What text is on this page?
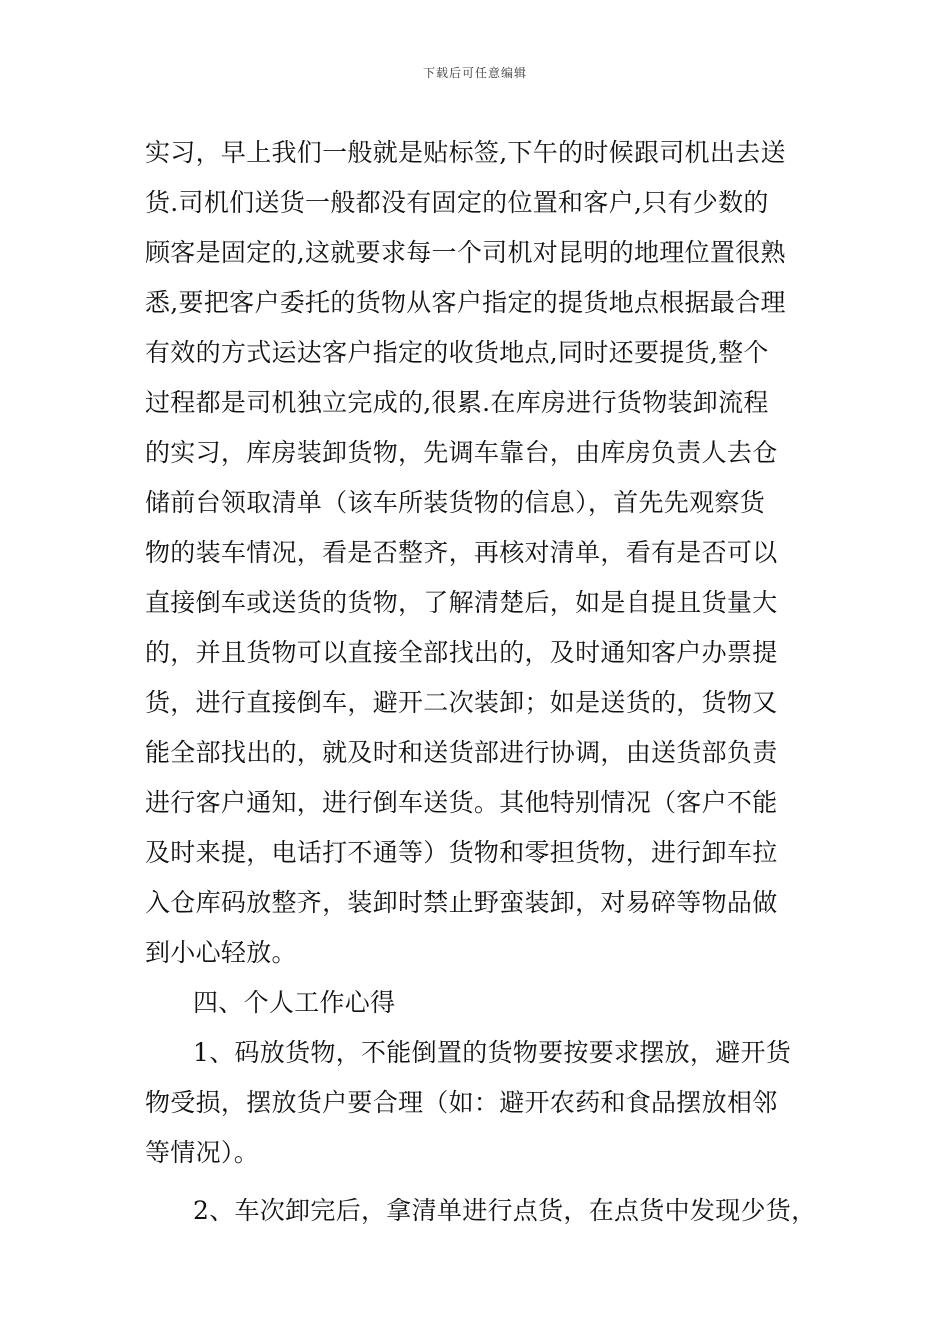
下载后可任意编辑
实习，早上我们一般就是贴标签,下午的时候跟司机出去送
货.司机们送货一般都没有固定的位置和客户,只有少数的
顾客是固定的,这就要求每一个司机对昆明的地理位置很熟
悉,要把客户委托的货物从客户指定的提货地点根据最合理
有效的方式运达客户指定的收货地点,同时还要提货,整个
过程都是司机独立完成的,很累.在库房进行货物装卸流程
的实习，库房装卸货物，先调车靠台，由库房负责人去仓
储前台领取清单（该车所装货物的信息），首先先观察货
物的装车情况，看是否整齐，再核对清单，看有是否可以
直接倒车或送货的货物，了解清楚后，如是自提且货量大
的，并且货物可以直接全部找出的，及时通知客户办票提
货，进行直接倒车，避开二次装卸；如是送货的，货物又
能全部找出的，就及时和送货部进行协调，由送货部负责
进行客户通知，进行倒车送货。其他特别情况（客户不能
及时来提，电话打不通等）货物和零担货物，进行卸车拉
入仓库码放整齐，装卸时禁止野蛮装卸，对易碎等物品做
到小心轻放。
四、个人工作心得
1、码放货物，不能倒置的货物要按要求摆放，避开货
物受损，摆放货户要合理（如：避开农药和食品摆放相邻
等情况）。
2、车次卸完后，拿清单进行点货，在点货中发现少货，
